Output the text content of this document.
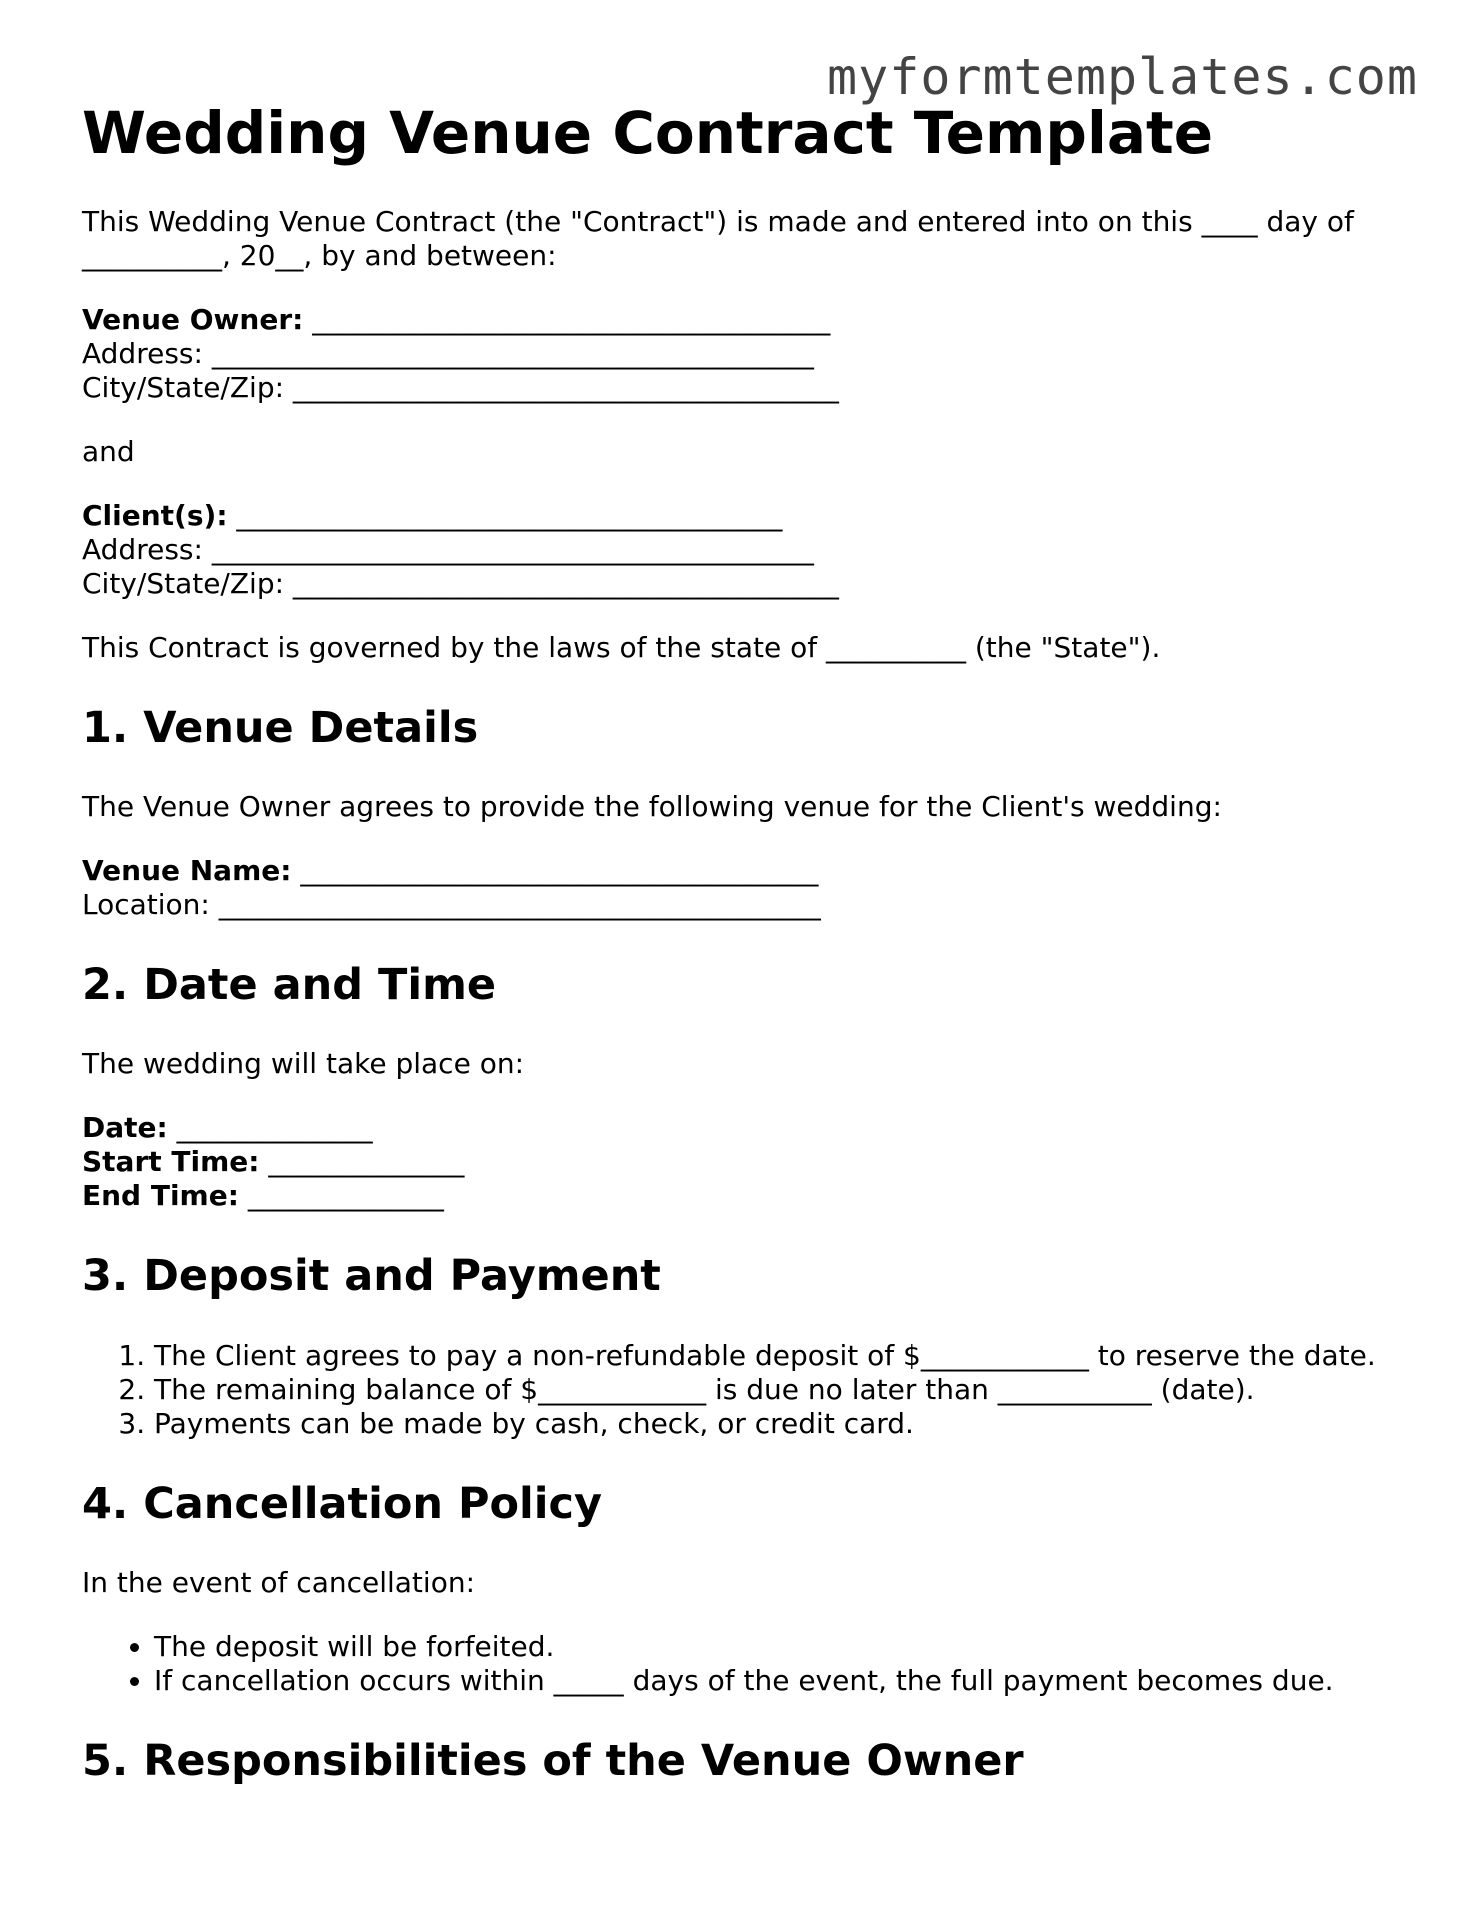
myformtemplates.com
Wedding Venue Contract Template

This Wedding Venue Contract (the "Contract") is made and entered into on this ____ day of __________, 20__, by and between:

Venue Owner: _____________________________________
Address: ___________________________________________
City/State/Zip: _______________________________________

and

Client(s): _______________________________________
Address: ___________________________________________
City/State/Zip: _______________________________________

This Contract is governed by the laws of the state of __________ (the "State").

1. Venue Details

The Venue Owner agrees to provide the following venue for the Client's wedding:

Venue Name: _____________________________________
Location: ___________________________________________
2. Date and Time

The wedding will take place on:

Date: ______________
Start Time: ______________
End Time: ______________
3. Deposit and Payment
1. The Client agrees to pay a non-refundable deposit of $____________ to reserve the date.
2. The remaining balance of $____________ is due no later than ___________ (date).
3. Payments can be made by cash, check, or credit card.
4. Cancellation Policy

In the event of cancellation:

• The deposit will be forfeited.
• If cancellation occurs within _____ days of the event, the full payment becomes due.
5. Responsibilities of the Venue Owner
